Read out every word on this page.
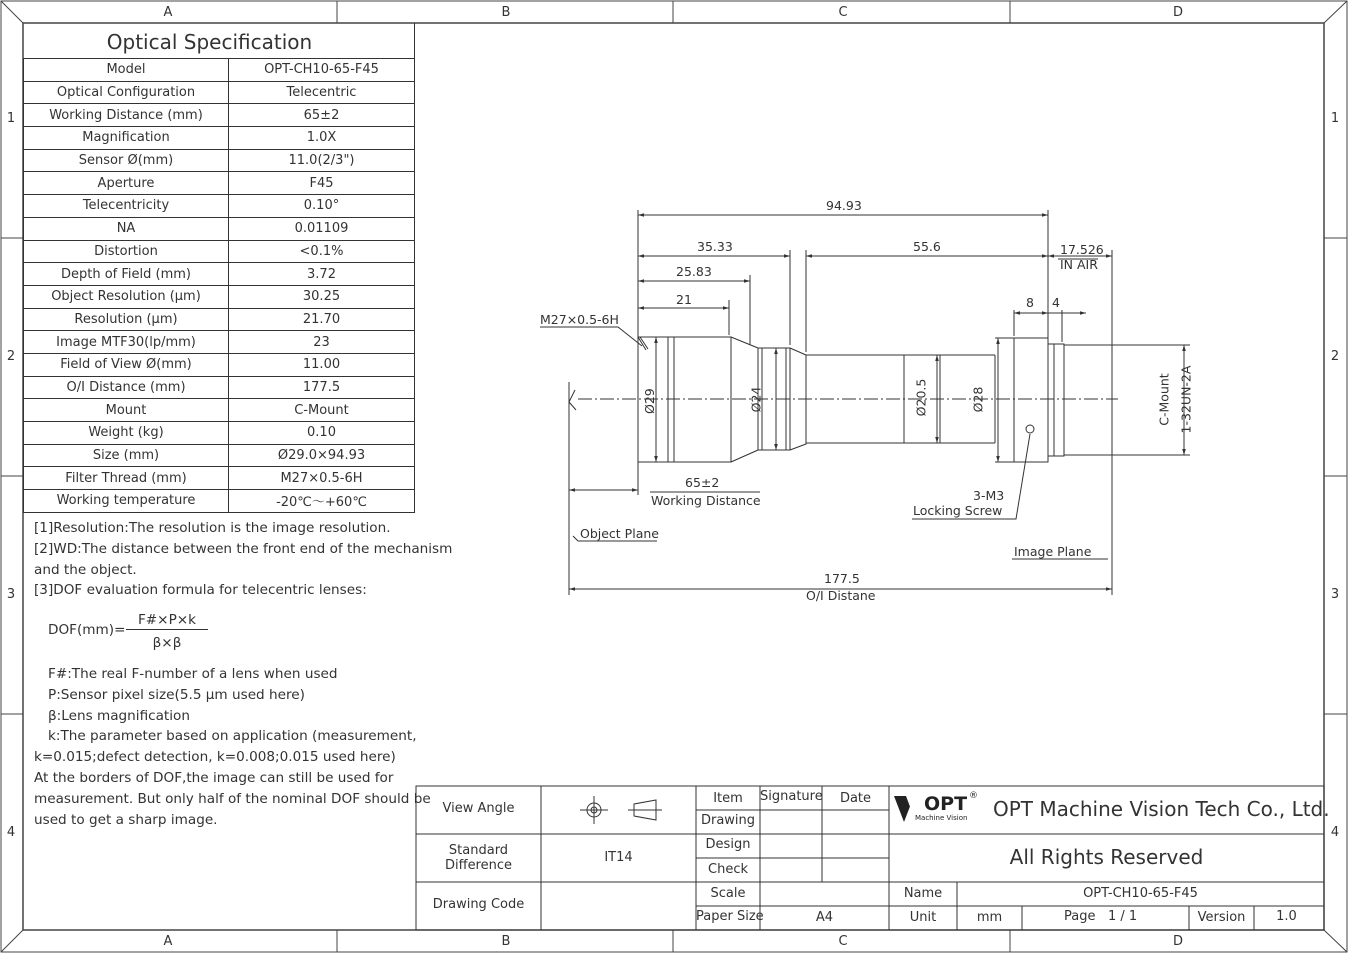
A	B	C	D
A	B	C	D
1
2
3
4
1
2
3
4

Model	OPT-CH10-65-F45
Optical Configuration	Telecentric
Working Distance (mm)	65±2
Magnification	1.0X
Sensor Ø(mm)	11.0(2/3")
Aperture	F45
Telecentricity	0.10°
NA	0.01109
Distortion	<0.1%
Depth of Field (mm)	3.72
Object Resolution (μm)	30.25
Resolution (μm)	21.70
Image MTF30(lp/mm)	23
Field of View Ø(mm)	11.00
O/I Distance (mm)	177.5
Mount	C-Mount
Weight (kg)	0.10
Size (mm)	Ø29.0×94.93
Filter Thread (mm)	M27×0.5-6H
Working temperature	-20℃～+60℃
Optical Specification
[1]Resolution:The resolution is the image resolution.
[2]WD:The distance between the front end of the mechanism
and the object.
[3]DOF evaluation formula for telecentric lenses:
DOF(mm)=
F#×P×k
β×β
F#:The real F-number of a lens when used
P:Sensor pixel size(5.5 μm used here)
β:Lens magnification
k:The parameter based on application (measurement,
k=0.015;defect detection, k=0.008;0.015 used here)
At the borders of DOF,the image can still be used for
measurement. But only half of the nominal DOF should be
used to get a sharp image.
94.93
35.33	55.6	17.526
IN AIR
25.83
21	8 4
M27×0.5-6H
Ø29	Ø24	Ø20.5	Ø28	C-Mount 1-32UN-2A
65±2
Working Distance	3-M3
Locking Screw
Object Plane
Image Plane
177.5
O/I Distane
View Angle
Standard
Difference
IT14
Drawing Code
Item	Signature	Date
Drawing
Design
Check
Scale
Paper Size	A4
OPT ®
Machine Vision OPT Machine Vision Tech Co., Ltd.
All Rights Reserved
Name	OPT-CH10-65-F45
Unit	mm	Page 1 / 1	Version	1.0
